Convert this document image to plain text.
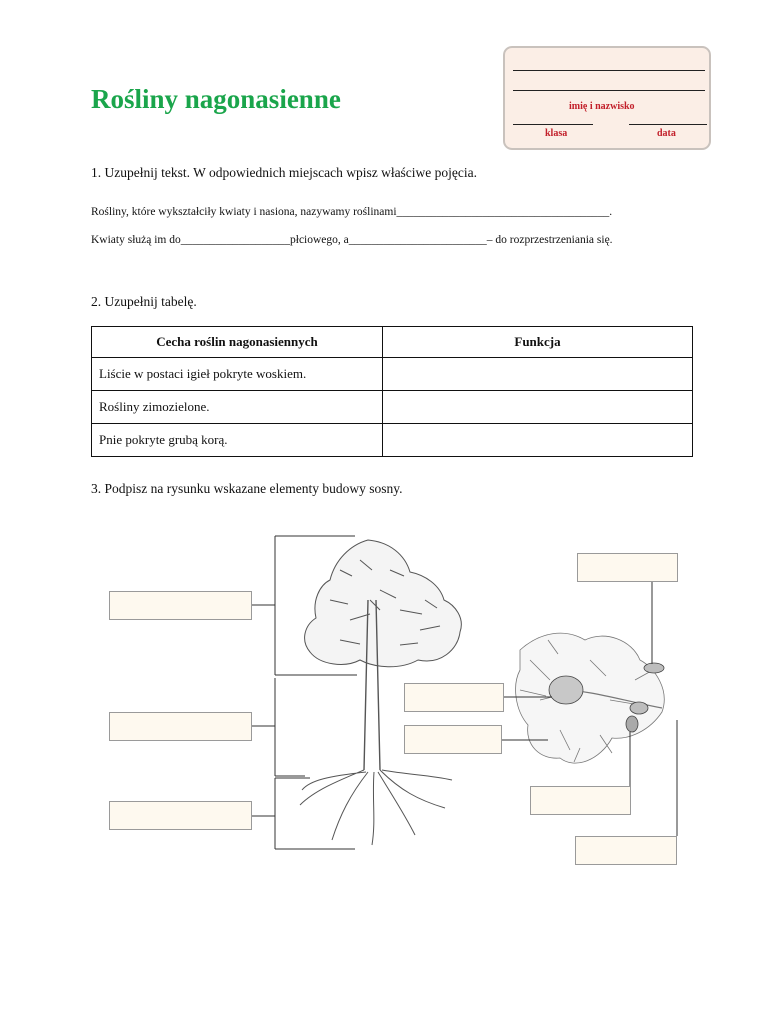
Rośliny nagonasienne	imię i nazwisko
klasa	data
1. Uzupełnij tekst. W odpowiednich miejscach wpisz właściwe pojęcia.
Rośliny, które wykształciły kwiaty i nasiona, nazywamy roślinami_____________________________________.
Kwiaty służą im do___________________płciowego, a________________________– do rozprzestrzeniania się.
2. Uzupełnij tabelę.
Cecha roślin nagonasiennych	Funkcja
Liście w postaci igieł pokryte woskiem.	
Rośliny zimozielone.	
Pnie pokryte grubą korą.	
3. Podpisz na rysunku wskazane elementy budowy sosny.
